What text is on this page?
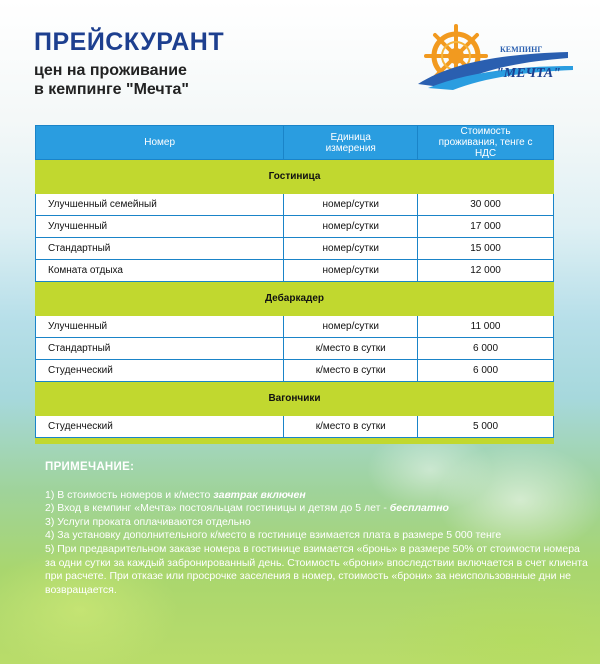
ПРЕЙСКУРАНТ
цен на проживание
в кемпинге "Мечта"
КЕМПИНГ
"МЕЧТА"
Номер	Единица измерения	Стоимость проживания, тенге с НДС
Гостиница		
Улучшенный семейный	номер/сутки	30 000
Улучшенный	номер/сутки	17 000
Стандартный	номер/сутки	15 000
Комната отдыха	номер/сутки	12 000
Дебаркадер		
Улучшенный	номер/сутки	11 000
Стандартный	к/место в сутки	6 000
Студенческий	к/место в сутки	6 000
Вагончики		
Студенческий	к/место в сутки	5 000

ПРИМЕЧАНИЕ:

1) В стоимость номеров и к/место завтрак включен

2) Вход в кемпинг «Мечта» постояльцам гостиницы и детям до 5 лет - бесплатно

3) Услуги проката оплачиваются отдельно

4) За установку дополнительного к/место в гостинице взимается плата в размере 5 000 тенге

5) При предварительном заказе номера в гостинице взимается «бронь» в размере 50% от стоимости номера за одни сутки за каждый забронированный день. Стоимость «брони» впоследствии включается в счет клиента при расчете. При отказе или просрочке заселения в номер, стоимость «брони» за неиспользовнные дни не возвращается.
